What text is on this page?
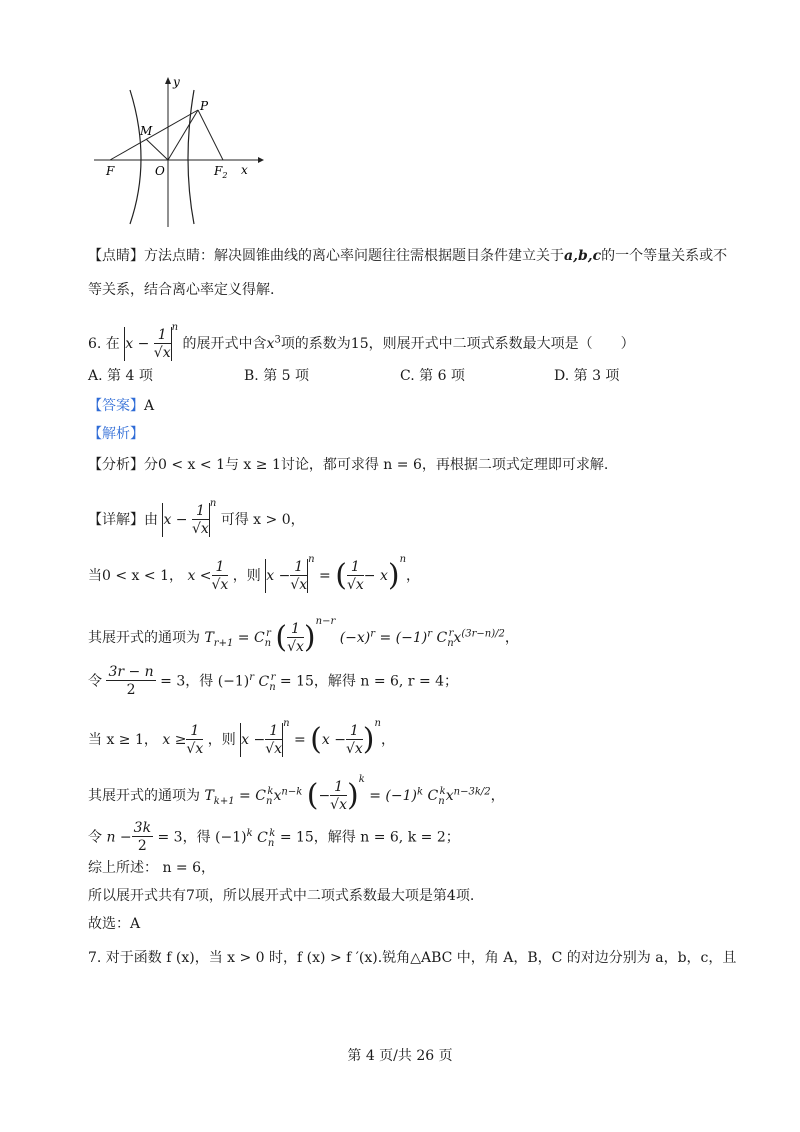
y
P
M
F	O	$F_2$ x
【点睛】方法点睛：解决圆锥曲线的离心率问题往往需根据题目条件建立关于a,b,c的一个等量关系或不
等关系，结合离心率定义得解.
6. 在 $x - \frac{1}{√x} ^n$ 的展开式中含$x^3$项的系数为15，则展开式中二项式系数最大项是（　　）
A. 第 4 项	B. 第 5 项	C. 第 6 项	D. 第 3 项
【答案】A
【解析】
【分析】分0 < x < 1与 x ≥ 1讨论，都可求得 n = 6，再根据二项式定理即可求解.
【详解】由 $x - \frac{1}{√x} ^n$ 可得 x > 0，
当0 < x < 1， $x < \frac{1}{√x}$ ，则 $x - \frac{1}{√x} ^n$ = ( $\frac{1}{√x} - x)^n$，
其展开式的通项为 $T_{r+1} = C_n^r$ ( $\frac{1}{√x} )^{n-r}$ $(-x)^r = (-1)^r$ $C_n^rx^{(3r-n)/2}$，
令 $\frac{3r - n}{2} = 3$，得 $(-1)^r$ $C_n^r = 15$，解得 n = 6, r = 4；
当 x ≥ 1， $x \ge \frac{1}{√x}$ ，则 $x - \frac{1}{√x} ^n = (x - \frac{1}{√x} )^n$，
其展开式的通项为 $T_{k+1} = C_n^kx^{n-k}$ (− $\frac{1}{√x} )^k = (-1)^k$ $C_n^kx^{n-3k/2}$，
令 $n - \frac{3k}{2} = 3$，得 $(-1)^k$ $C_n^k = 15$，解得 n = 6, k = 2；
综上所述： n = 6，
所以展开式共有7项，所以展开式中二项式系数最大项是第4项.
故选：A
7. 对于函数 f (x)，当 x > 0 时，f (x) > f ′(x).锐角△ABC 中，角 A，B，C 的对边分别为 a，b，c，且
第 4 页/共 26 页
